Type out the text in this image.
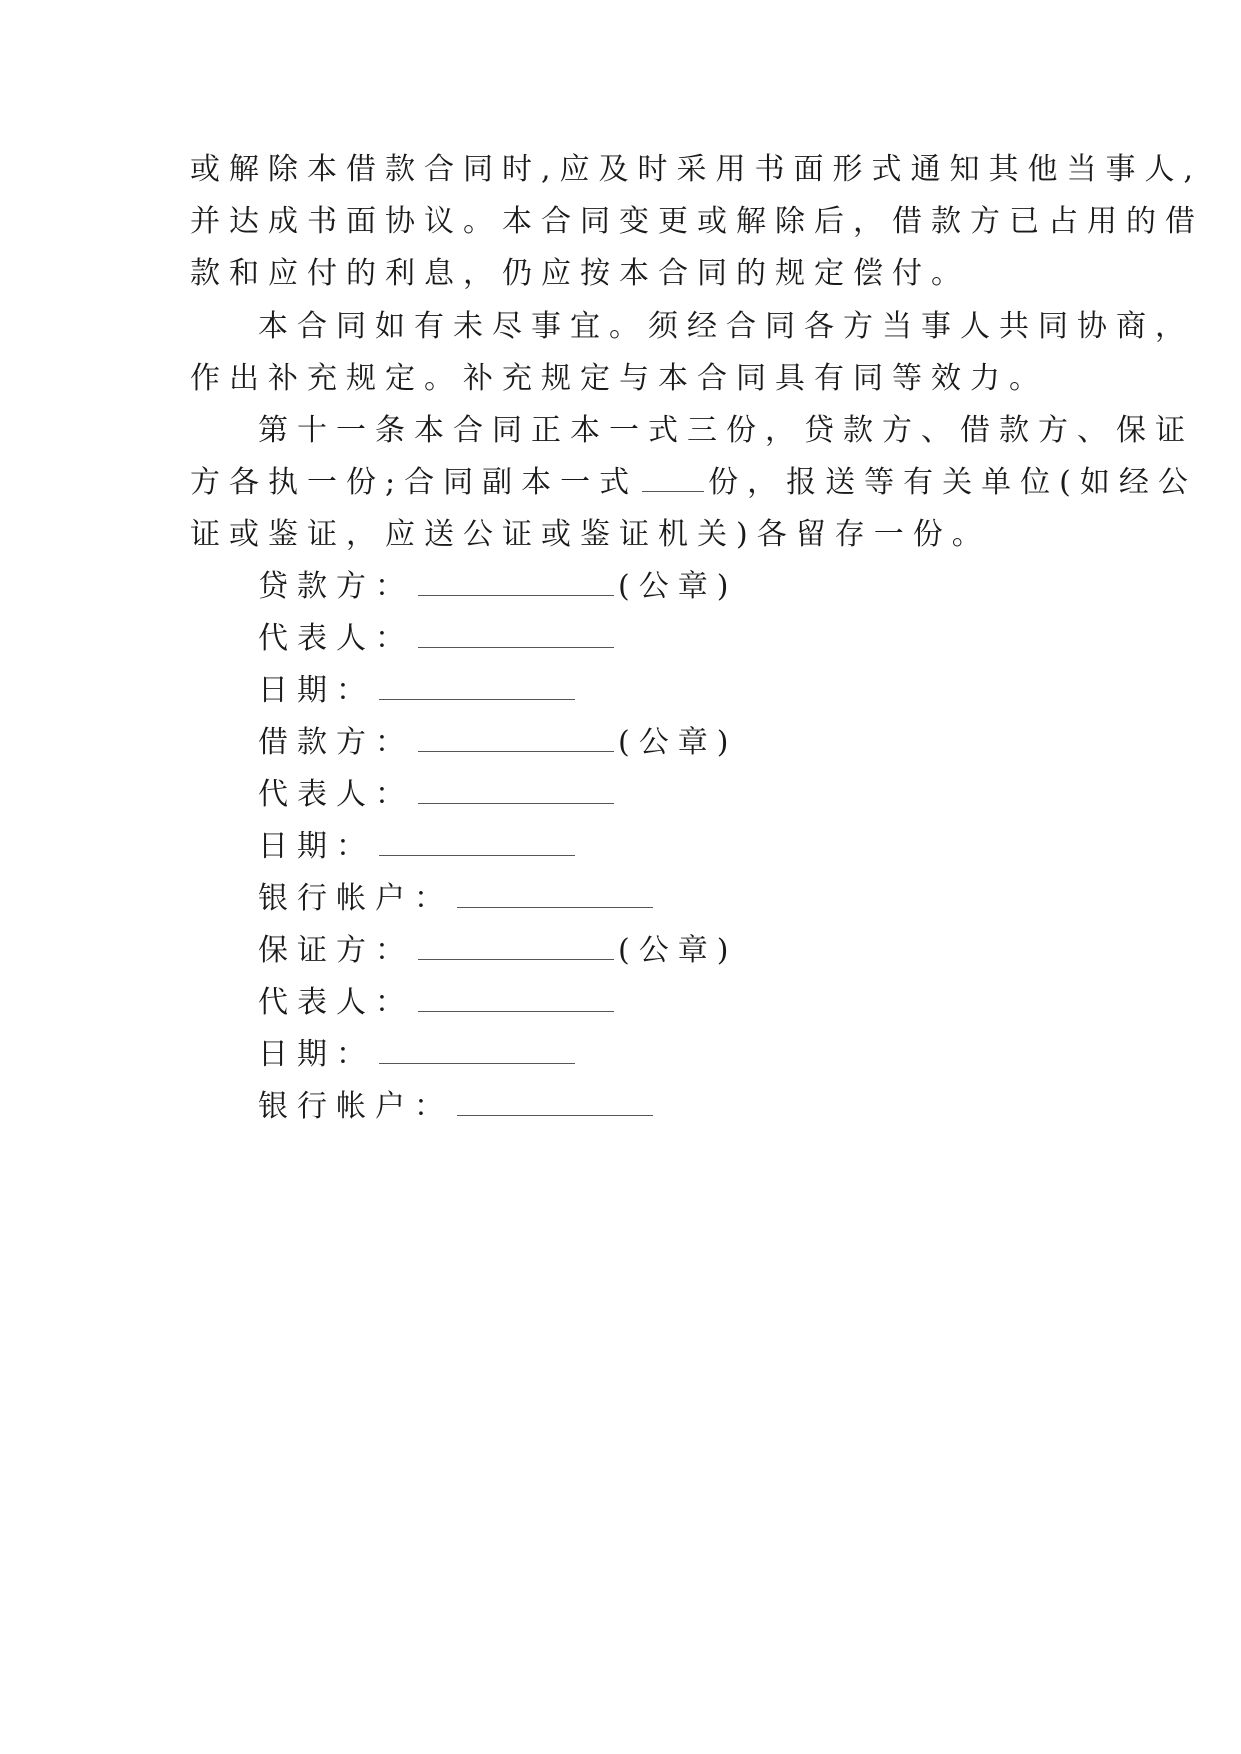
或解除本借款合同时,应及时采用书面形式通知其他当事人,
并达成书面协议。本合同变更或解除后，借款方已占用的借
款和应付的利息，仍应按本合同的规定偿付。
本合同如有未尽事宜。须经合同各方当事人共同协商，
作出补充规定。补充规定与本合同具有同等效力。
第十一条本合同正本一式三份，贷款方、借款方、保证
方各执一份;合同副本一式 份，报送等有关单位(如经公
证或鉴证，应送公证或鉴证机关)各留存一份。
贷款方：	(公章)
代表人：
日期：
借款方：	(公章)
代表人：
日期：
银行帐户：
保证方：	(公章)
代表人：
日期：
银行帐户：
